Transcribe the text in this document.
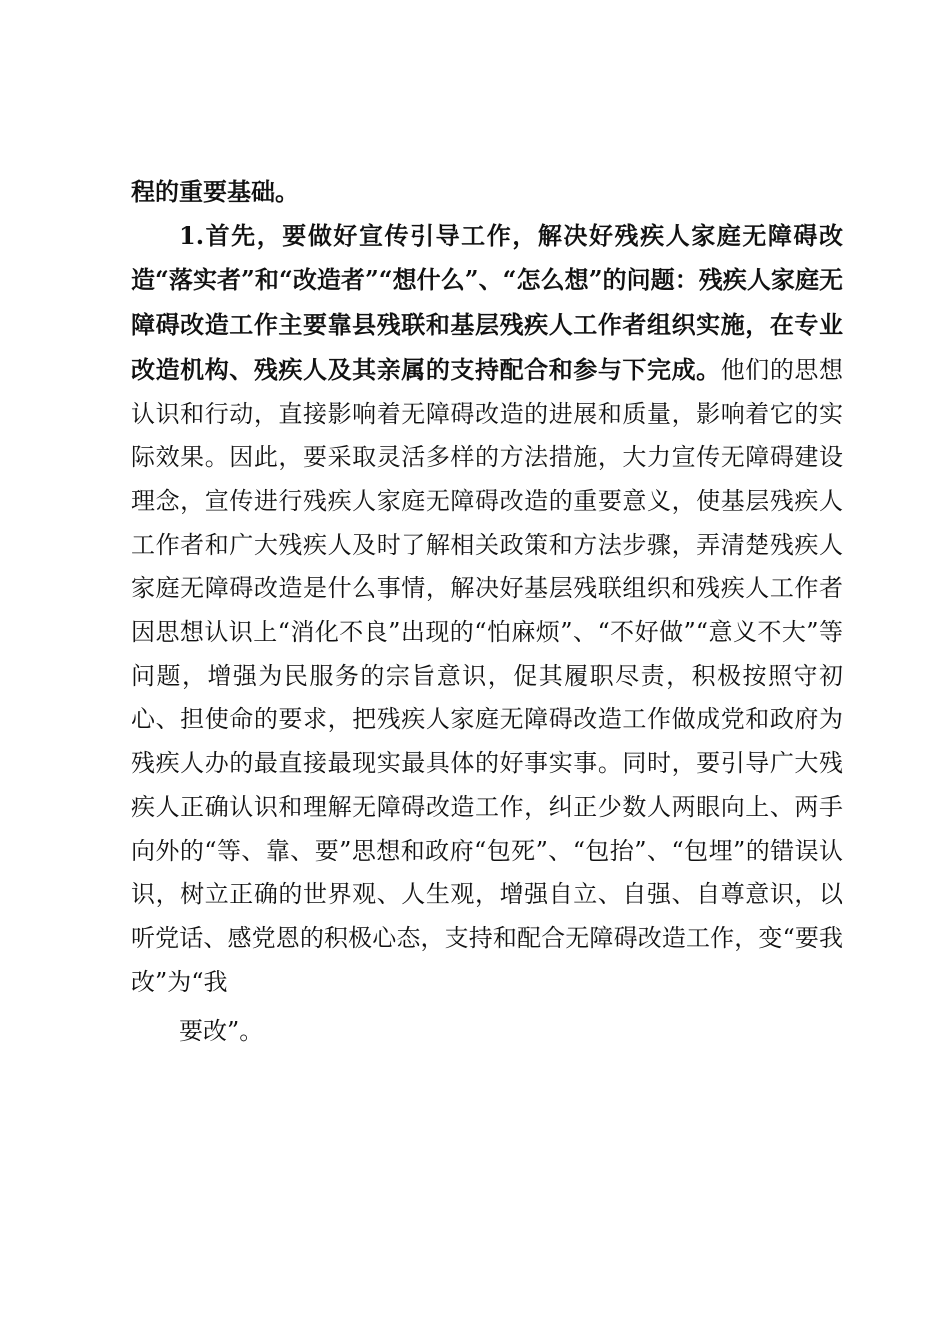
程的重要基础。

1.首先，要做好宣传引导工作，解决好残疾人家庭无障碍改造“落实者”和“改造者”“想什么”、“怎么想”的问题：残疾人家庭无障碍改造工作主要靠县残联和基层残疾人工作者组织实施，在专业改造机构、残疾人及其亲属的支持配合和参与下完成。他们的思想认识和行动，直接影响着无障碍改造的进展和质量，影响着它的实际效果。因此，要采取灵活多样的方法措施，大力宣传无障碍建设理念，宣传进行残疾人家庭无障碍改造的重要意义，使基层残疾人工作者和广大残疾人及时了解相关政策和方法步骤，弄清楚残疾人家庭无障碍改造是什么事情，解决好基层残联组织和残疾人工作者因思想认识上“消化不良”出现的“怕麻烦”、“不好做”“意义不大”等问题，增强为民服务的宗旨意识，促其履职尽责，积极按照守初心、担使命的要求，把残疾人家庭无障碍改造工作做成党和政府为残疾人办的最直接最现实最具体的好事实事。同时，要引导广大残疾人正确认识和理解无障碍改造工作，纠正少数人两眼向上、两手向外的“等、靠、要”思想和政府“包死”、“包抬”、“包埋”的错误认识，树立正确的世界观、人生观，增强自立、自强、自尊意识，以听党话、感党恩的积极心态，支持和配合无障碍改造工作，变“要我改”为“我
要改”。
